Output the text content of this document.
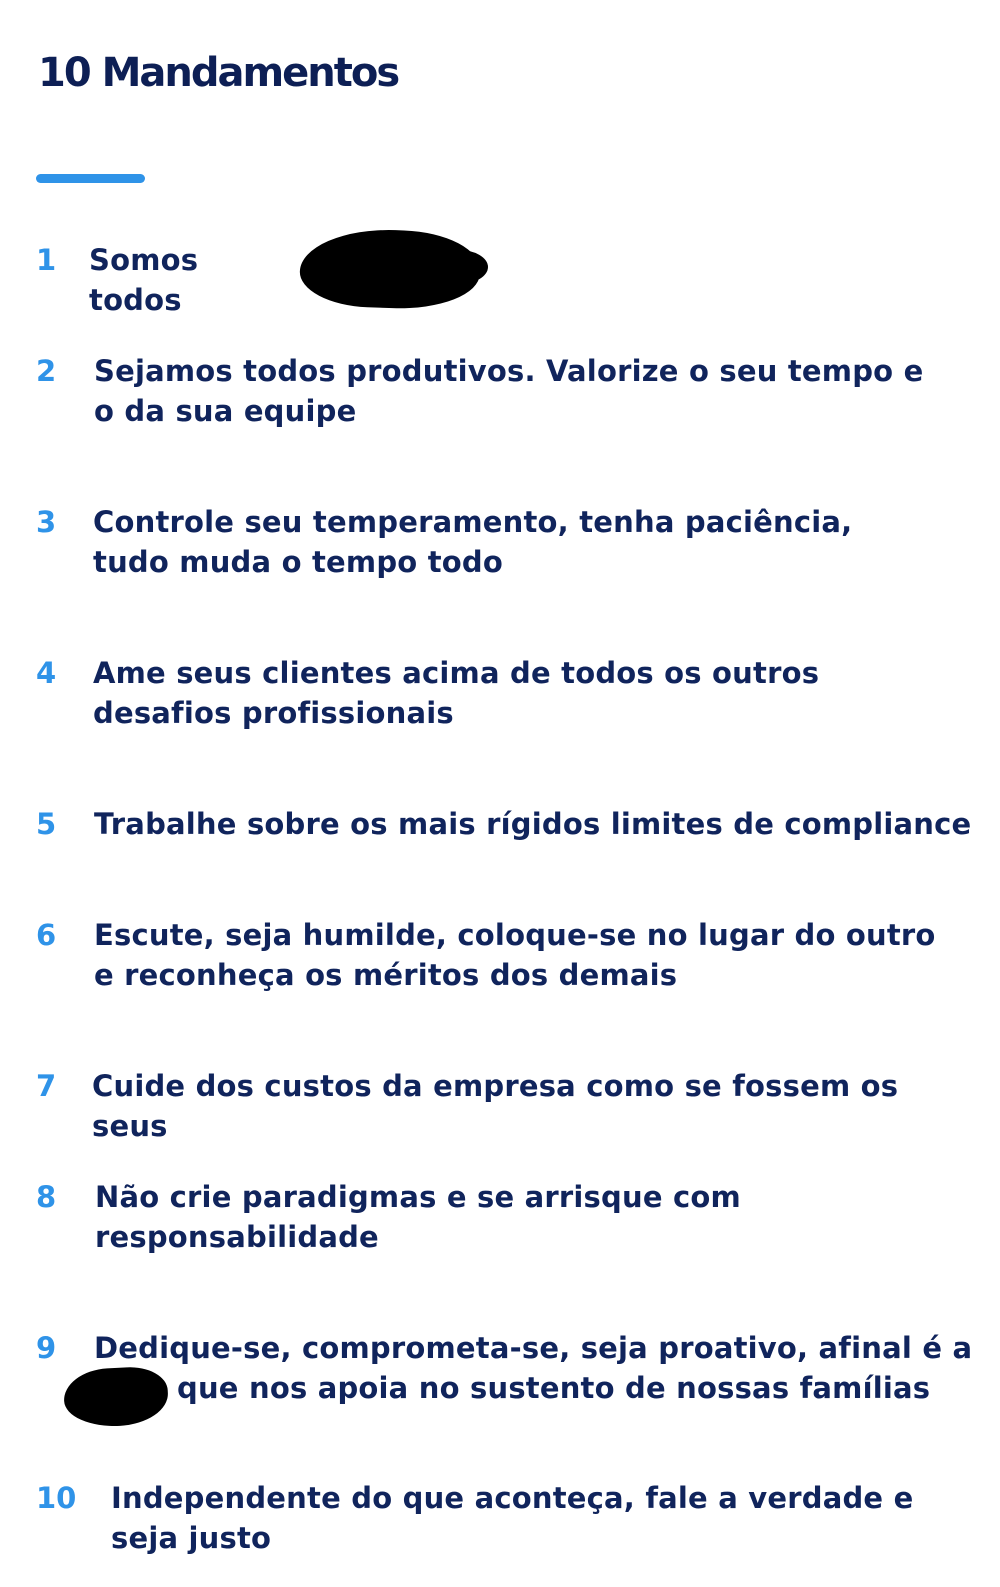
10 Mandamentos
1 Somos todos

2 Sejamos todos produtivos. Valorize o seu tempo e o da sua equipe

3 Controle seu temperamento, tenha paciência, tudo muda o tempo todo

4 Ame seus clientes acima de todos os outros desafios profissionais

5 Trabalhe sobre os mais rígidos limites de compliance

6 Escute, seja humilde, coloque-se no lugar do outro e reconheça os méritos dos demais

7 Cuide dos custos da empresa como se fossem os seus

8 Não crie paradigmas e se arrisque com responsabilidade

9 Dedique-se, comprometa-se, seja proativo, afinal é a

que nos apoia no sustento de nossas famílias

10 Independente do que aconteça, fale a verdade e seja justo
